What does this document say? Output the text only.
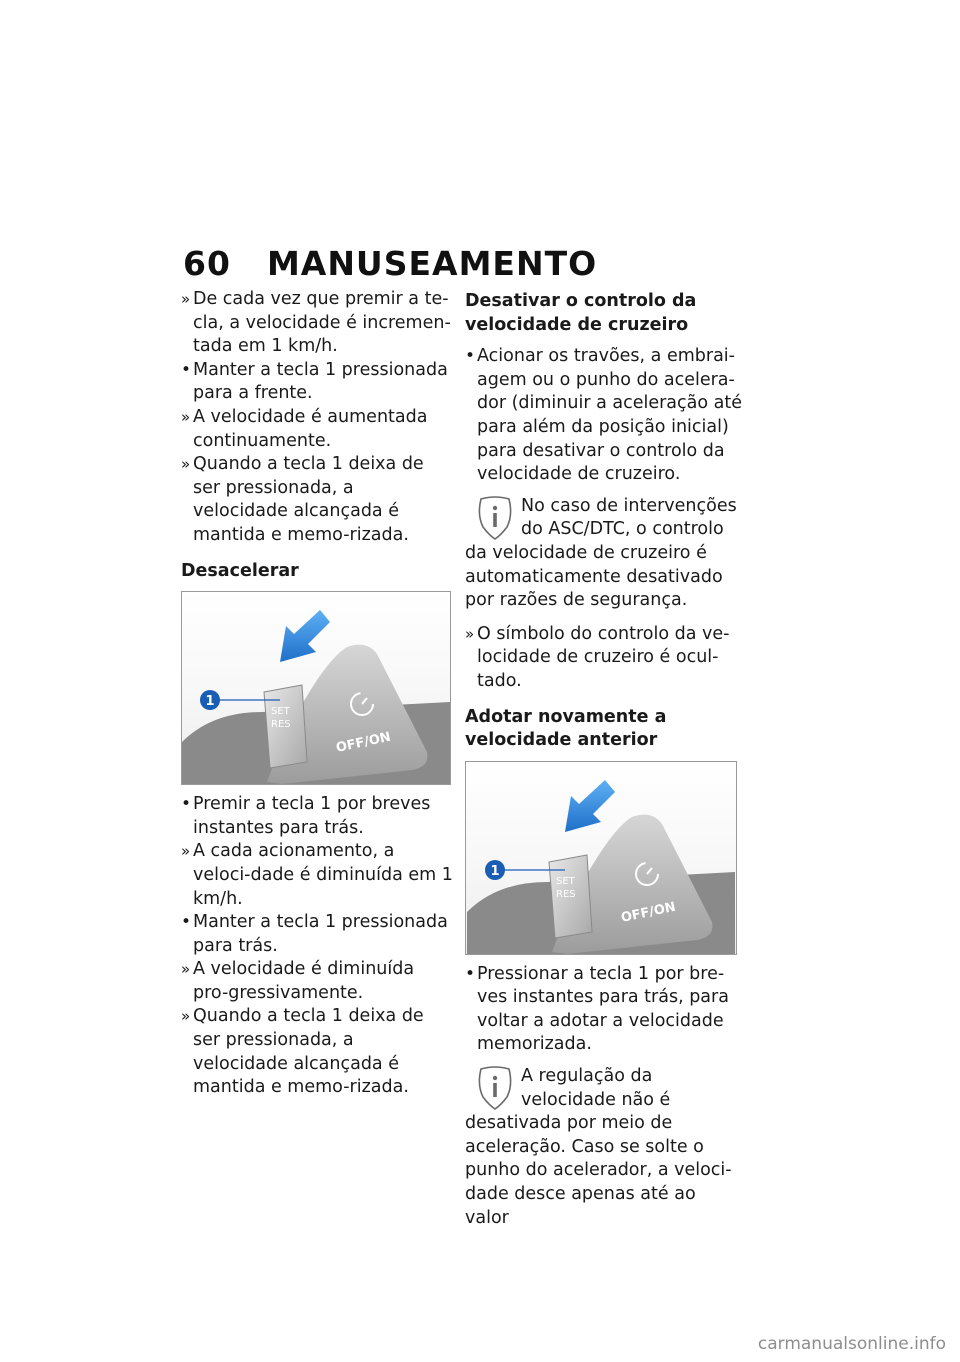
60 MANUSEAMENTO
» De cada vez que premir a te-cla, a velocidade é incremen-tada em 1 km/h.
• Manter a tecla 1 pressionada para a frente.
» A velocidade é aumentada continuamente.
» Quando a tecla 1 deixa de ser pressionada, a velocidade alcançada é mantida e memo-rizada.
Desacelerar
SET
RES
OFF/ON
1
• Premir a tecla 1 por breves instantes para trás.
» A cada acionamento, a veloci-dade é diminuída em 1 km/h.
• Manter a tecla 1 pressionada para trás.
» A velocidade é diminuída pro-gressivamente.
» Quando a tecla 1 deixa de ser pressionada, a velocidade alcançada é mantida e memo-rizada.
Desativar o controlo da velocidade de cruzeiro
• Acionar os travões, a embrai-agem ou o punho do acelera-dor (diminuir a aceleração até para além da posição inicial) para desativar o controlo da velocidade de cruzeiro.

No caso de intervenções do ASC/DTC, o controlo da velocidade de cruzeiro é automaticamente desativado por razões de segurança.

» O símbolo do controlo da ve-locidade de cruzeiro é ocul-tado.
Adotar novamente a velocidade anterior
SET
RES
OFF/ON
1
• Pressionar a tecla 1 por bre-ves instantes para trás, para voltar a adotar a velocidade memorizada.

A regulação da velocidade não é desativada por meio de aceleração. Caso se solte o punho do acelerador, a veloci-dade desce apenas até ao valor

carmanualsonline.info
